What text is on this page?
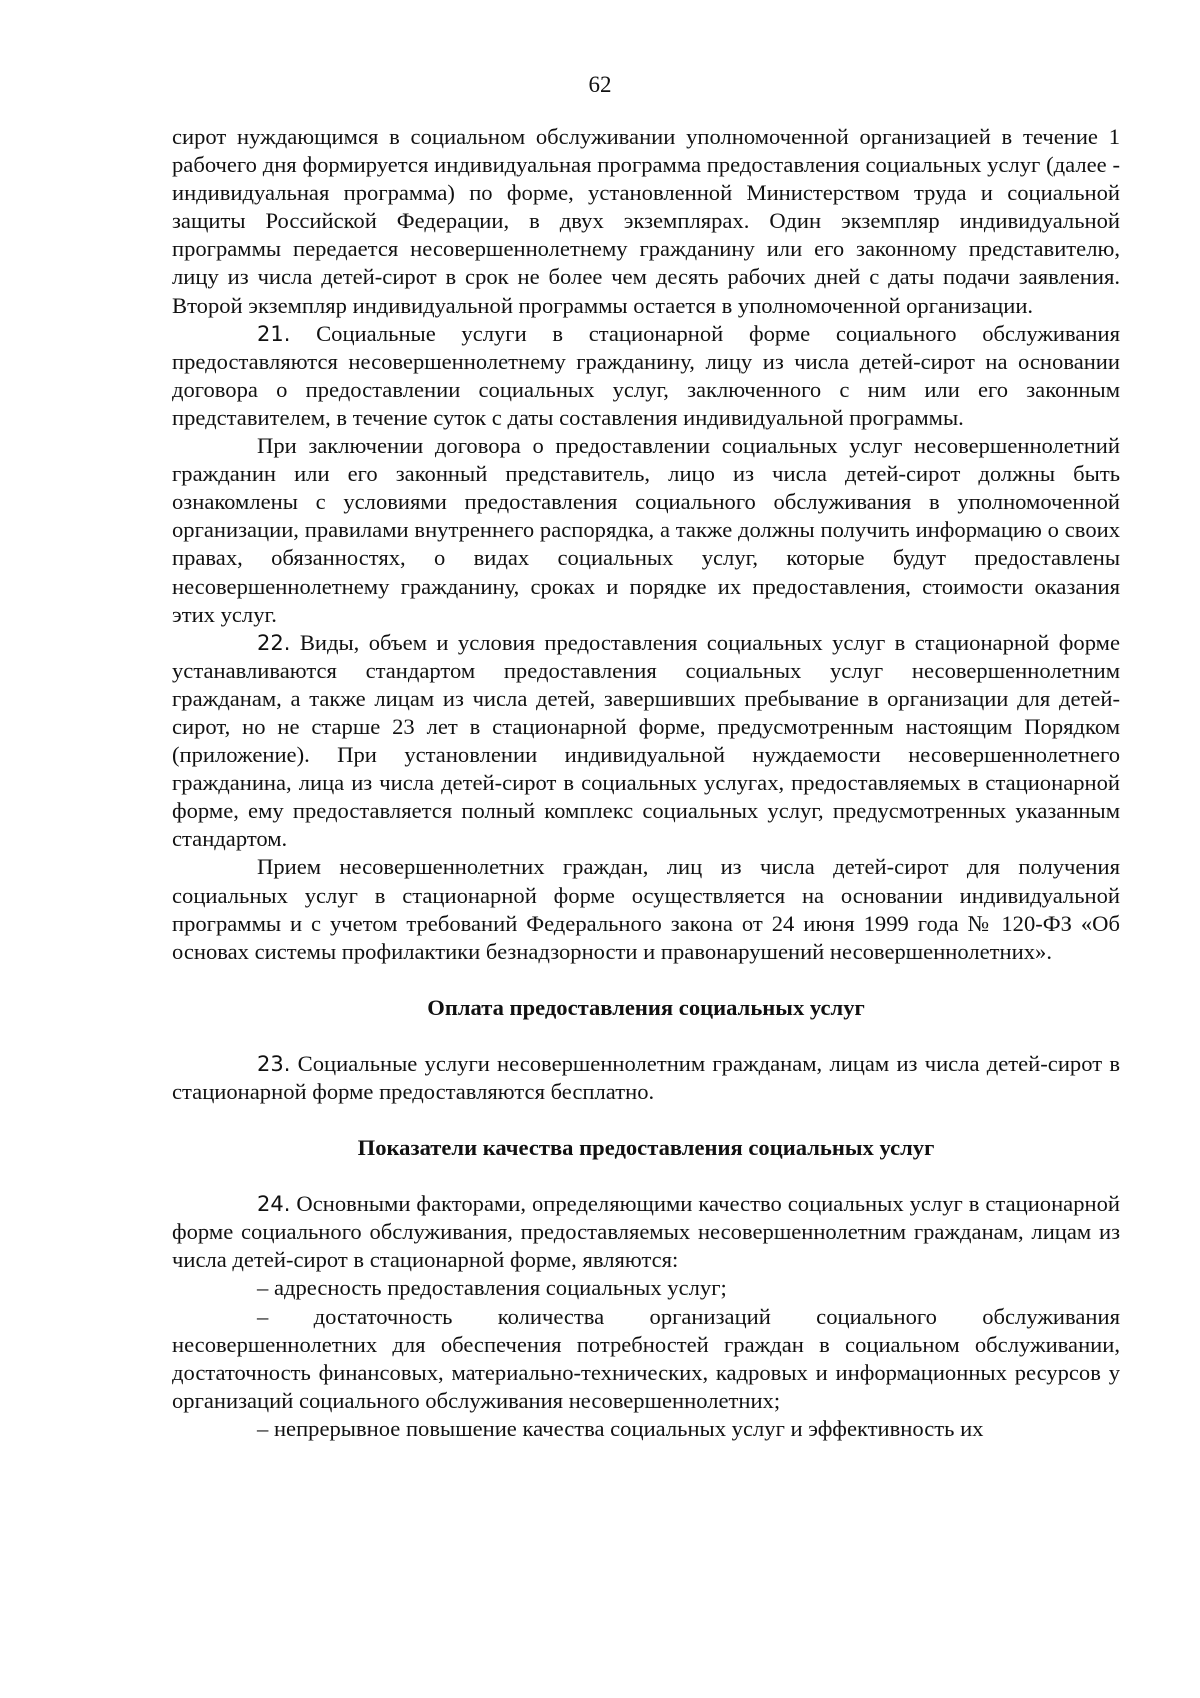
62

сирот нуждающимся в социальном обслуживании уполномоченной организацией в течение 1 рабочего дня формируется индивидуальная программа предоставления социальных услуг (далее - индивидуальная программа) по форме, установленной Министерством труда и социальной защиты Российской Федерации, в двух экземплярах. Один экземпляр индивидуальной программы передается несовершеннолетнему гражданину или его законному представителю, лицу из числа детей-сирот в срок не более чем десять рабочих дней с даты подачи заявления. Второй экземпляр индивидуальной программы остается в уполномоченной организации.

21. Социальные услуги в стационарной форме социального обслуживания предоставляются несовершеннолетнему гражданину, лицу из числа детей-сирот на основании договора о предоставлении социальных услуг, заключенного с ним или его законным представителем, в течение суток с даты составления индивидуальной программы.

При заключении договора о предоставлении социальных услуг несовершеннолетний гражданин или его законный представитель, лицо из числа детей-сирот должны быть ознакомлены с условиями предоставления социального обслуживания в уполномоченной организации, правилами внутреннего распорядка, а также должны получить информацию о своих правах, обязанностях, о видах социальных услуг, которые будут предоставлены несовершеннолетнему гражданину, сроках и порядке их предоставления, стоимости оказания этих услуг.

22. Виды, объем и условия предоставления социальных услуг в стационарной форме устанавливаются стандартом предоставления социальных услуг несовершеннолетним гражданам, а также лицам из числа детей, завершивших пребывание в организации для детей-сирот, но не старше 23 лет в стационарной форме, предусмотренным настоящим Порядком (приложение). При установлении индивидуальной нуждаемости несовершеннолетнего гражданина, лица из числа детей-сирот в социальных услугах, предоставляемых в стационарной форме, ему предоставляется полный комплекс социальных услуг, предусмотренных указанным стандартом.

Прием несовершеннолетних граждан, лиц из числа детей-сирот для получения социальных услуг в стационарной форме осуществляется на основании индивидуальной программы и с учетом требований Федерального закона от 24 июня 1999 года № 120-ФЗ «Об основах системы профилактики безнадзорности и правонарушений несовершеннолетних».

Оплата предоставления социальных услуг

23. Социальные услуги несовершеннолетним гражданам, лицам из числа детей-сирот в стационарной форме предоставляются бесплатно.

Показатели качества предоставления социальных услуг

24. Основными факторами, определяющими качество социальных услуг в стационарной форме социального обслуживания, предоставляемых несовершеннолетним гражданам, лицам из числа детей-сирот в стационарной форме, являются:

– адресность предоставления социальных услуг;

– достаточность количества организаций социального обслуживания несовершеннолетних для обеспечения потребностей граждан в социальном обслуживании, достаточность финансовых, материально-технических, кадровых и информационных ресурсов у организаций социального обслуживания несовершеннолетних;

– непрерывное повышение качества социальных услуг и эффективность их
